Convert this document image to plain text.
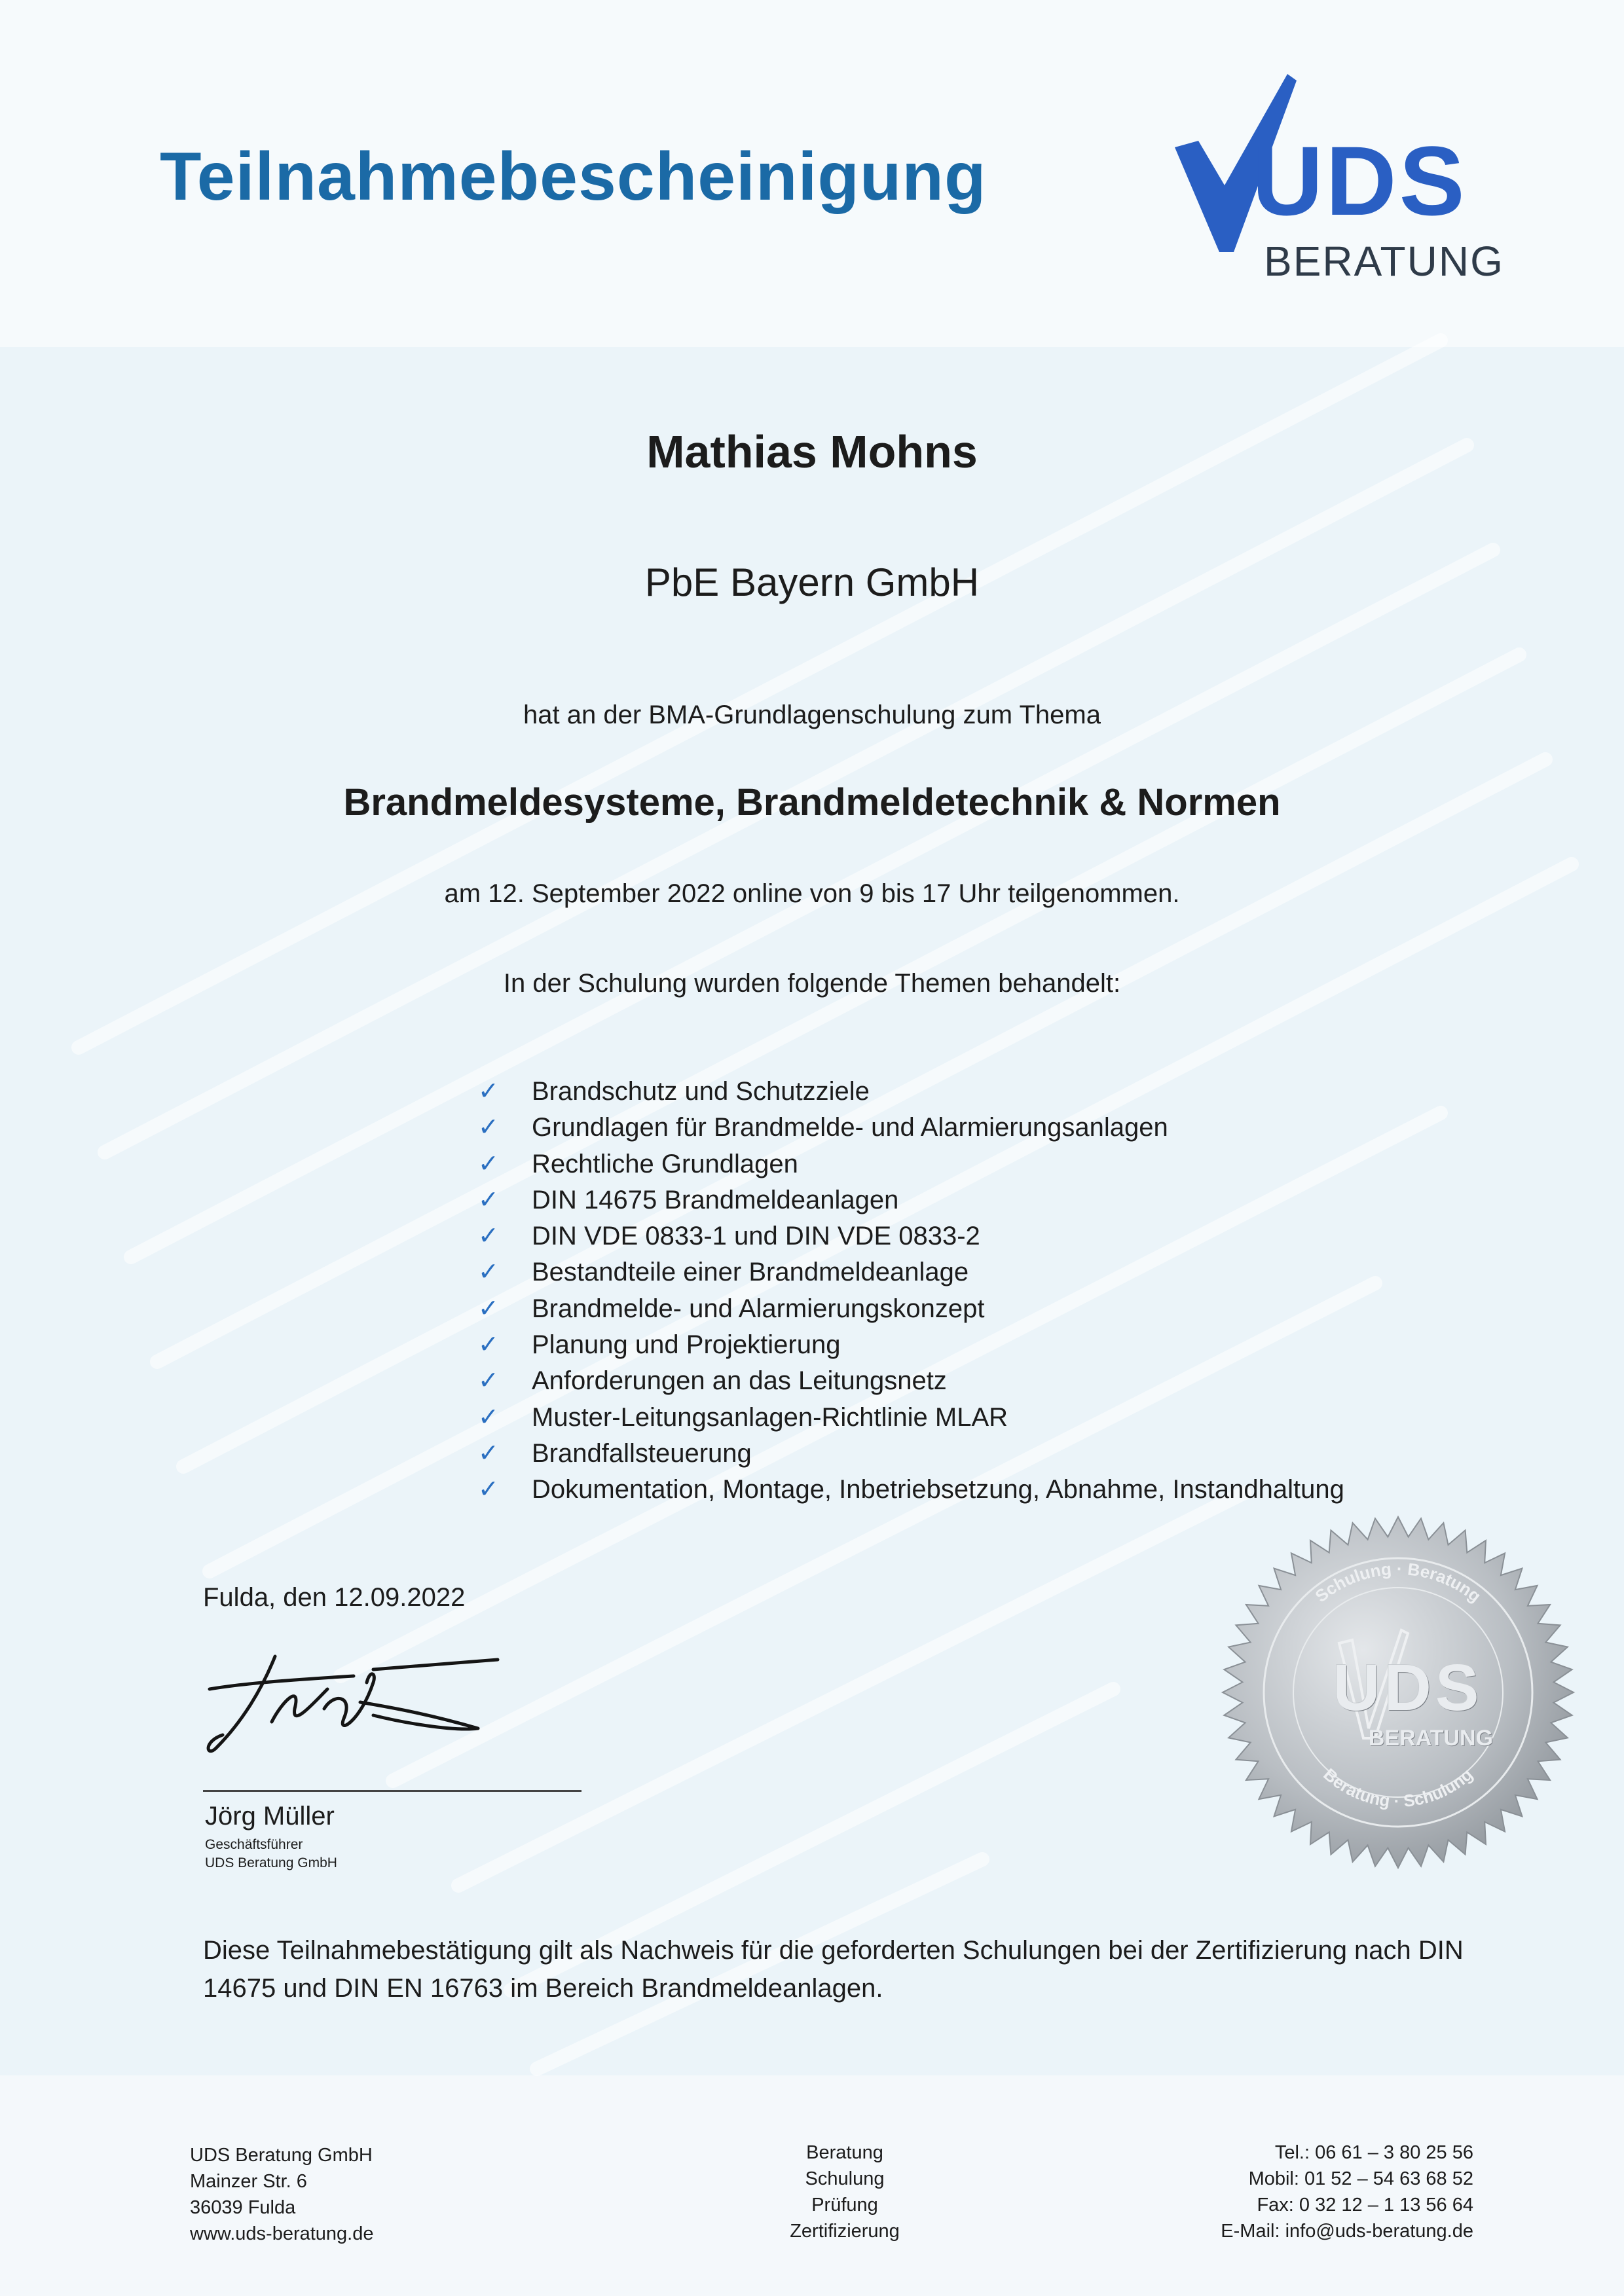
Teilnahmebescheinigung	UDS
BERATUNG

Mathias Mohns

PbE Bayern GmbH

hat an der BMA-Grundlagenschulung zum Thema

Brandmeldesysteme, Brandmeldetechnik & Normen

am 12. September 2022 online von 9 bis 17 Uhr teilgenommen.

In der Schulung wurden folgende Themen behandelt:

✓ Brandschutz und Schutzziele
✓ Grundlagen für Brandmelde- und Alarmierungsanlagen
✓ Rechtliche Grundlagen
✓ DIN 14675 Brandmeldeanlagen
✓ DIN VDE 0833-1 und DIN VDE 0833-2
✓ Bestandteile einer Brandmeldeanlage
✓ Brandmelde- und Alarmierungskonzept
✓ Planung und Projektierung
✓ Anforderungen an das Leitungsnetz
✓ Muster-Leitungsanlagen-Richtlinie MLAR
✓ Brandfallsteuerung
✓ Dokumentation, Montage, Inbetriebsetzung, Abnahme, Instandhaltung

Fulda, den 12.09.2022

Jörg Müller

Geschäftsführer

UDS Beratung GmbH

UDS
BERATUNG
Schulung · Beratung
Beratung · Schulung

Diese Teilnahmebestätigung gilt als Nachweis für die geforderten Schulungen bei der Zertifizierung nach DIN 14675 und DIN EN 16763 im Bereich Brandmeldeanlagen.

UDS Beratung GmbH
Mainzer Str. 6
36039 Fulda
www.uds-beratung.de
Beratung
Schulung
Prüfung
Zertifizierung
Tel.: 06 61 – 3 80 25 56
Mobil: 01 52 – 54 63 68 52
Fax: 0 32 12 – 1 13 56 64
E-Mail: info@uds-beratung.de
